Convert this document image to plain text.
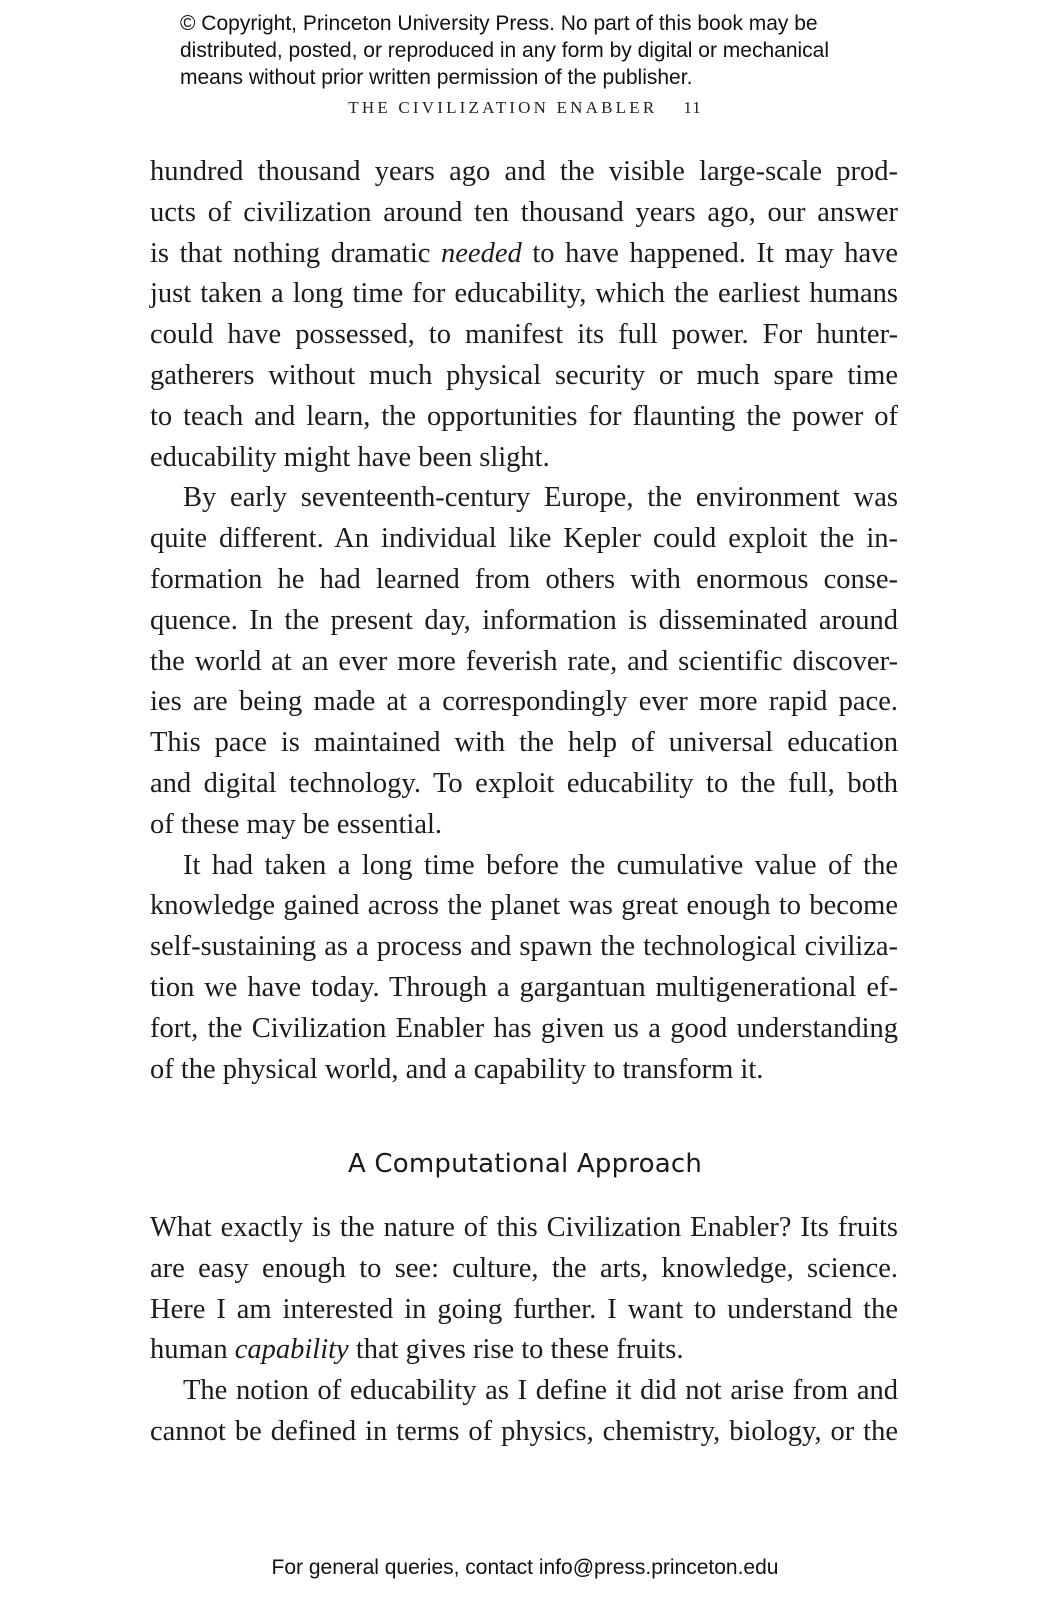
© Copyright, Princeton University Press. No part of this book may be
distributed, posted, or reproduced in any form by digital or mechanical
means without prior written permission of the publisher.
THE CIVILIZATION ENABLER 11
hundred thousand years ago and the visible large-scale prod-
ucts of civilization around ten thousand years ago, our answer
is that nothing dramatic needed to have happened. It may have
just taken a long time for educability, which the earliest humans
could have possessed, to manifest its full power. For hunter-
gatherers without much physical security or much spare time
to teach and learn, the opportunities for flaunting the power of
educability might have been slight.
By early seventeenth-century Europe, the environment was
quite different. An individual like Kepler could exploit the in-
formation he had learned from others with enormous conse-
quence. In the present day, information is disseminated around
the world at an ever more feverish rate, and scientific discover-
ies are being made at a correspondingly ever more rapid pace.
This pace is maintained with the help of universal education
and digital technology. To exploit educability to the full, both
of these may be essential.
It had taken a long time before the cumulative value of the
knowledge gained across the planet was great enough to become
self-sustaining as a process and spawn the technological civiliza-
tion we have today. Through a gargantuan multigenerational ef-
fort, the Civilization Enabler has given us a good understanding
of the physical world, and a capability to transform it.
A Computational Approach
What exactly is the nature of this Civilization Enabler? Its fruits
are easy enough to see: culture, the arts, knowledge, science.
Here I am interested in going further. I want to understand the
human capability that gives rise to these fruits.
The notion of educability as I define it did not arise from and
cannot be defined in terms of physics, chemistry, biology, or the
For general queries, contact info@press.princeton.edu
